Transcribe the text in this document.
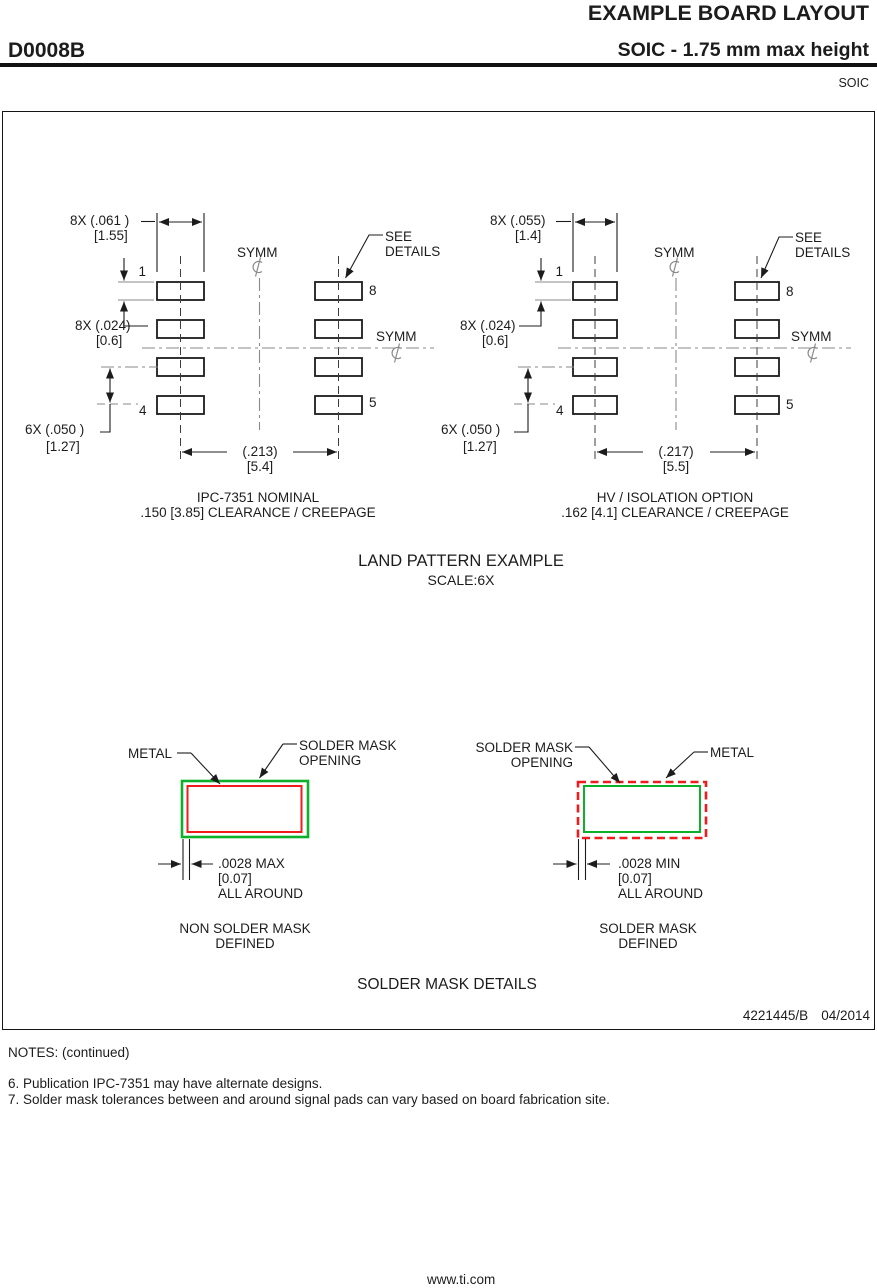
EXAMPLE BOARD LAYOUT
D0008B	SOIC - 1.75 mm max height
SOIC
8X (.061 )
[1.55]
1
8X (.024)
[0.6]
6X (.050 )
[1.27]
4
8
5
SYMM
SYMM
SEE
DETAILS
(.213)
[5.4]
IPC-7351 NOMINAL
.150 [3.85] CLEARANCE / CREEPAGE
8X (.055)
[1.4]
1
8X (.024)
[0.6]
6X (.050 )
[1.27]
4
8
5
SYMM
SYMM
SEE
DETAILS
(.217)
[5.5]
HV / ISOLATION OPTION
.162 [4.1] CLEARANCE / CREEPAGE
LAND PATTERN EXAMPLE
SCALE:6X
METAL
SOLDER MASK
OPENING
.0028 MAX
[0.07]
ALL AROUND
NON SOLDER MASK
DEFINED
SOLDER MASK
OPENING
METAL
.0028 MIN
[0.07]
ALL AROUND
SOLDER MASK
DEFINED
SOLDER MASK DETAILS
4221445/B 04/2014
NOTES: (continued)
6. Publication IPC-7351 may have alternate designs.
7. Solder mask tolerances between and around signal pads can vary based on board fabrication site.
www.ti.com
